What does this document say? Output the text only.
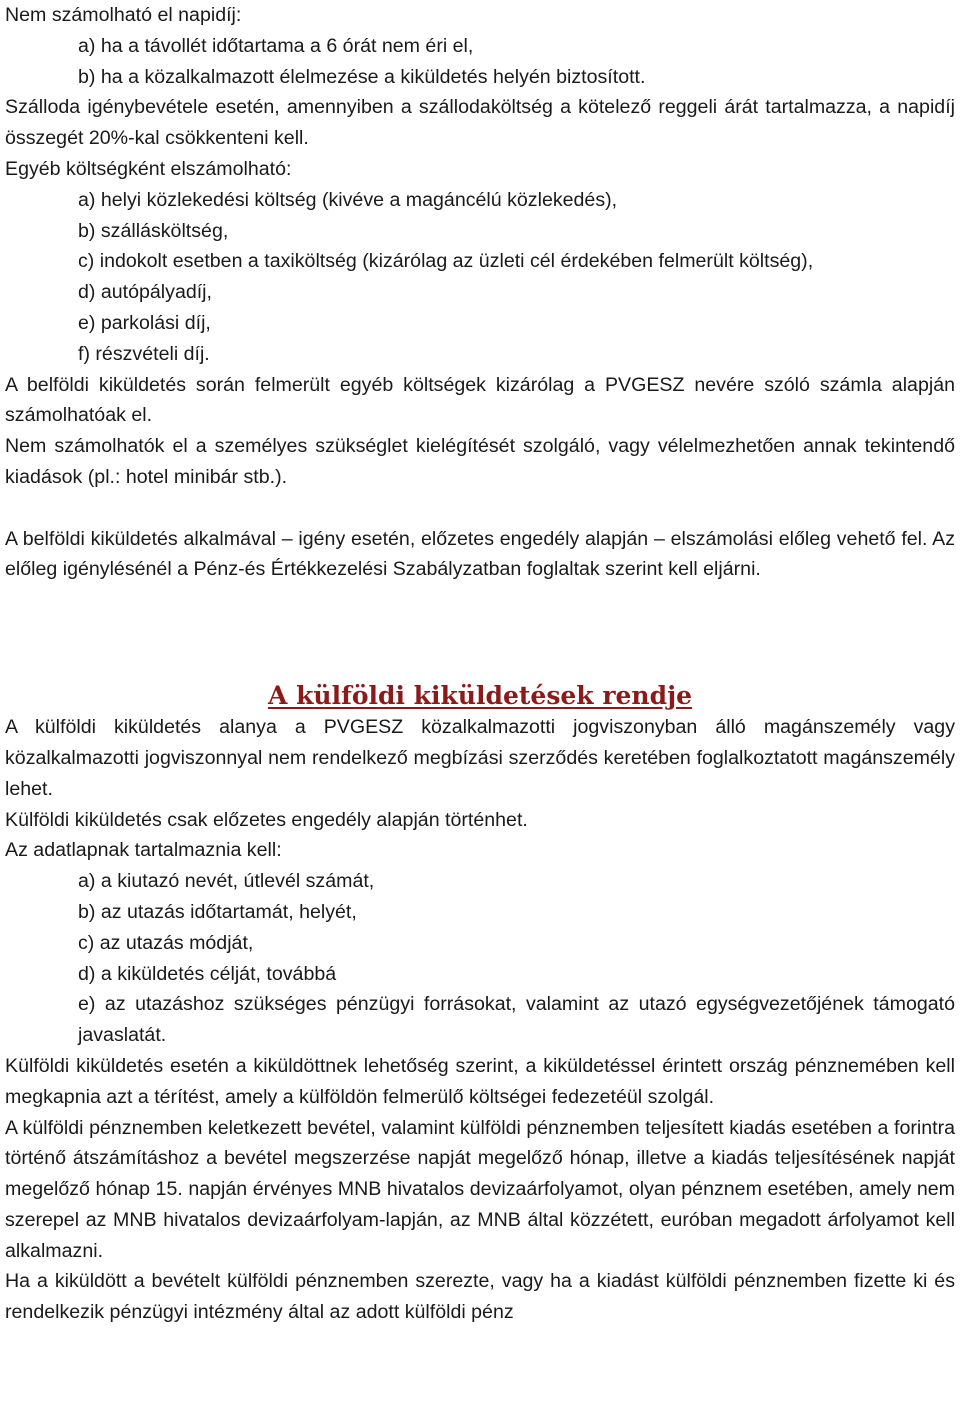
Nem számolható el napidíj:

a) ha a távollét időtartama a 6 órát nem éri el,

b) ha a közalkalmazott élelmezése a kiküldetés helyén biztosított.

Szálloda igénybevétele esetén, amennyiben a szállodaköltség a kötelező reggeli árát tartalmazza, a napidíj összegét 20%-kal csökkenteni kell.

Egyéb költségként elszámolható:

a) helyi közlekedési költség (kivéve a magáncélú közlekedés),

b) szállásköltség,

c) indokolt esetben a taxiköltség (kizárólag az üzleti cél érdekében felmerült költség),

d) autópályadíj,

e) parkolási díj,

f) részvételi díj.

A belföldi kiküldetés során felmerült egyéb költségek kizárólag a PVGESZ nevére szóló számla alapján számolhatóak el.

Nem számolhatók el a személyes szükséglet kielégítését szolgáló, vagy vélelmezhetően annak tekintendő kiadások (pl.: hotel minibár stb.).

A belföldi kiküldetés alkalmával – igény esetén, előzetes engedély alapján – elszámolási előleg vehető fel. Az előleg igénylésénél a Pénz-és Értékkezelési Szabályzatban foglaltak szerint kell eljárni.

A külföldi kiküldetések rendje

A külföldi kiküldetés alanya a PVGESZ közalkalmazotti jogviszonyban álló magánszemély vagy közalkalmazotti jogviszonnyal nem rendelkező megbízási szerződés keretében foglalkoztatott magánszemély lehet.

Külföldi kiküldetés csak előzetes engedély alapján történhet.

Az adatlapnak tartalmaznia kell:

a) a kiutazó nevét, útlevél számát,

b) az utazás időtartamát, helyét,

c) az utazás módját,

d) a kiküldetés célját, továbbá

e) az utazáshoz szükséges pénzügyi forrásokat, valamint az utazó egységvezetőjének támogató javaslatát.

Külföldi kiküldetés esetén a kiküldöttnek lehetőség szerint, a kiküldetéssel érintett ország pénznemében kell megkapnia azt a térítést, amely a külföldön felmerülő költségei fedezetéül szolgál.

A külföldi pénznemben keletkezett bevétel, valamint külföldi pénznemben teljesített kiadás esetében a forintra történő átszámításhoz a bevétel megszerzése napját megelőző hónap, illetve a kiadás teljesítésének napját megelőző hónap 15. napján érvényes MNB hivatalos devizaárfolyamot, olyan pénznem esetében, amely nem szerepel az MNB hivatalos devizaárfolyam-lapján, az MNB által közzétett, euróban megadott árfolyamot kell alkalmazni.

Ha a kiküldött a bevételt külföldi pénznemben szerezte, vagy ha a kiadást külföldi pénznemben fizette ki és rendelkezik pénzügyi intézmény által az adott külföldi pénz
